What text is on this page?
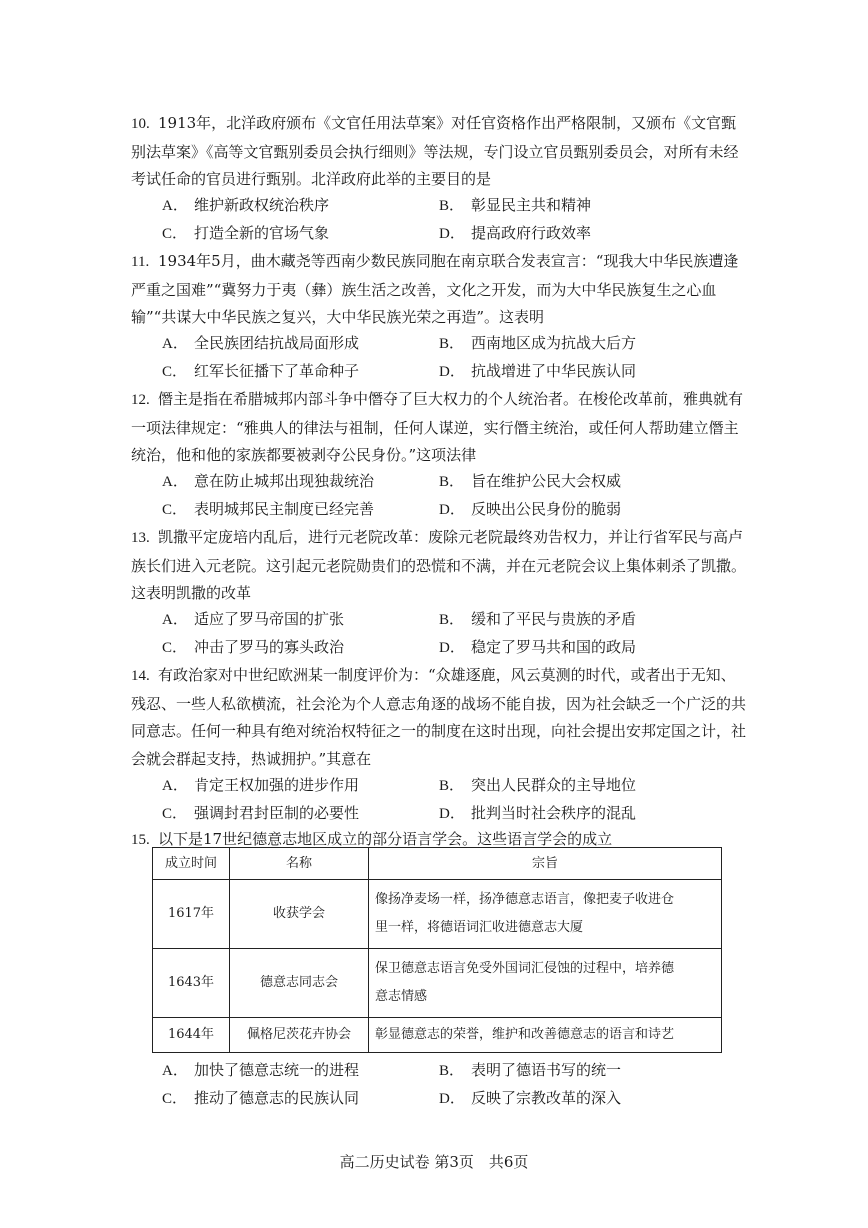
10. 1913年，北洋政府颁布《文官任用法草案》对任官资格作出严格限制，又颁布《文官甄别法草案》《高等文官甄别委员会执行细则》等法规，专门设立官员甄别委员会，对所有未经考试任命的官员进行甄别。北洋政府此举的主要目的是
A． 维护新政权统治秩序	B． 彰显民主共和精神
C． 打造全新的官场气象	D． 提高政府行政效率
11. 1934年5月，曲木藏尧等西南少数民族同胞在南京联合发表宣言：“现我大中华民族遭逢严重之国难”“冀努力于夷（彝）族生活之改善，文化之开发，而为大中华民族复生之心血输”“共谋大中华民族之复兴，大中华民族光荣之再造”。这表明
A． 全民族团结抗战局面形成	B． 西南地区成为抗战大后方
C． 红军长征播下了革命种子	D． 抗战增进了中华民族认同
12. 僭主是指在希腊城邦内部斗争中僭夺了巨大权力的个人统治者。在梭伦改革前，雅典就有一项法律规定：“雅典人的律法与祖制，任何人谋逆，实行僭主统治，或任何人帮助建立僭主统治，他和他的家族都要被剥夺公民身份。”这项法律
A． 意在防止城邦出现独裁统治	B． 旨在维护公民大会权威
C． 表明城邦民主制度已经完善	D． 反映出公民身份的脆弱
13. 凯撒平定庞培内乱后，进行元老院改革：废除元老院最终劝告权力，并让行省军民与高卢族长们进入元老院。这引起元老院勋贵们的恐慌和不满，并在元老院会议上集体刺杀了凯撒。这表明凯撒的改革
A． 适应了罗马帝国的扩张	B． 缓和了平民与贵族的矛盾
C． 冲击了罗马的寡头政治	D． 稳定了罗马共和国的政局
14. 有政治家对中世纪欧洲某一制度评价为：“众雄逐鹿，风云莫测的时代，或者出于无知、残忍、一些人私欲横流，社会沦为个人意志角逐的战场不能自拔，因为社会缺乏一个广泛的共同意志。任何一种具有绝对统治权特征之一的制度在这时出现，向社会提出安邦定国之计，社会就会群起支持，热诚拥护。”其意在
A． 肯定王权加强的进步作用	B． 突出人民群众的主导地位
C． 强调封君封臣制的必要性	D． 批判当时社会秩序的混乱
15. 以下是17世纪德意志地区成立的部分语言学会。这些语言学会的成立
成立时间	名称	宗旨
1617年	收获学会	像扬净麦场一样，扬净德意志语言，像把麦子收进仓
里一样，将德语词汇收进德意志大厦

1643年	德意志同志会	保卫德意志语言免受外国词汇侵蚀的过程中，培养德
意志情感

1644年	佩格尼茨花卉协会	彰显德意志的荣誉，维护和改善德意志的语言和诗艺
A． 加快了德意志统一的进程	B． 表明了德语书写的统一
C． 推动了德意志的民族认同	D． 反映了宗教改革的深入
高二历史试卷 第3页　共6页
